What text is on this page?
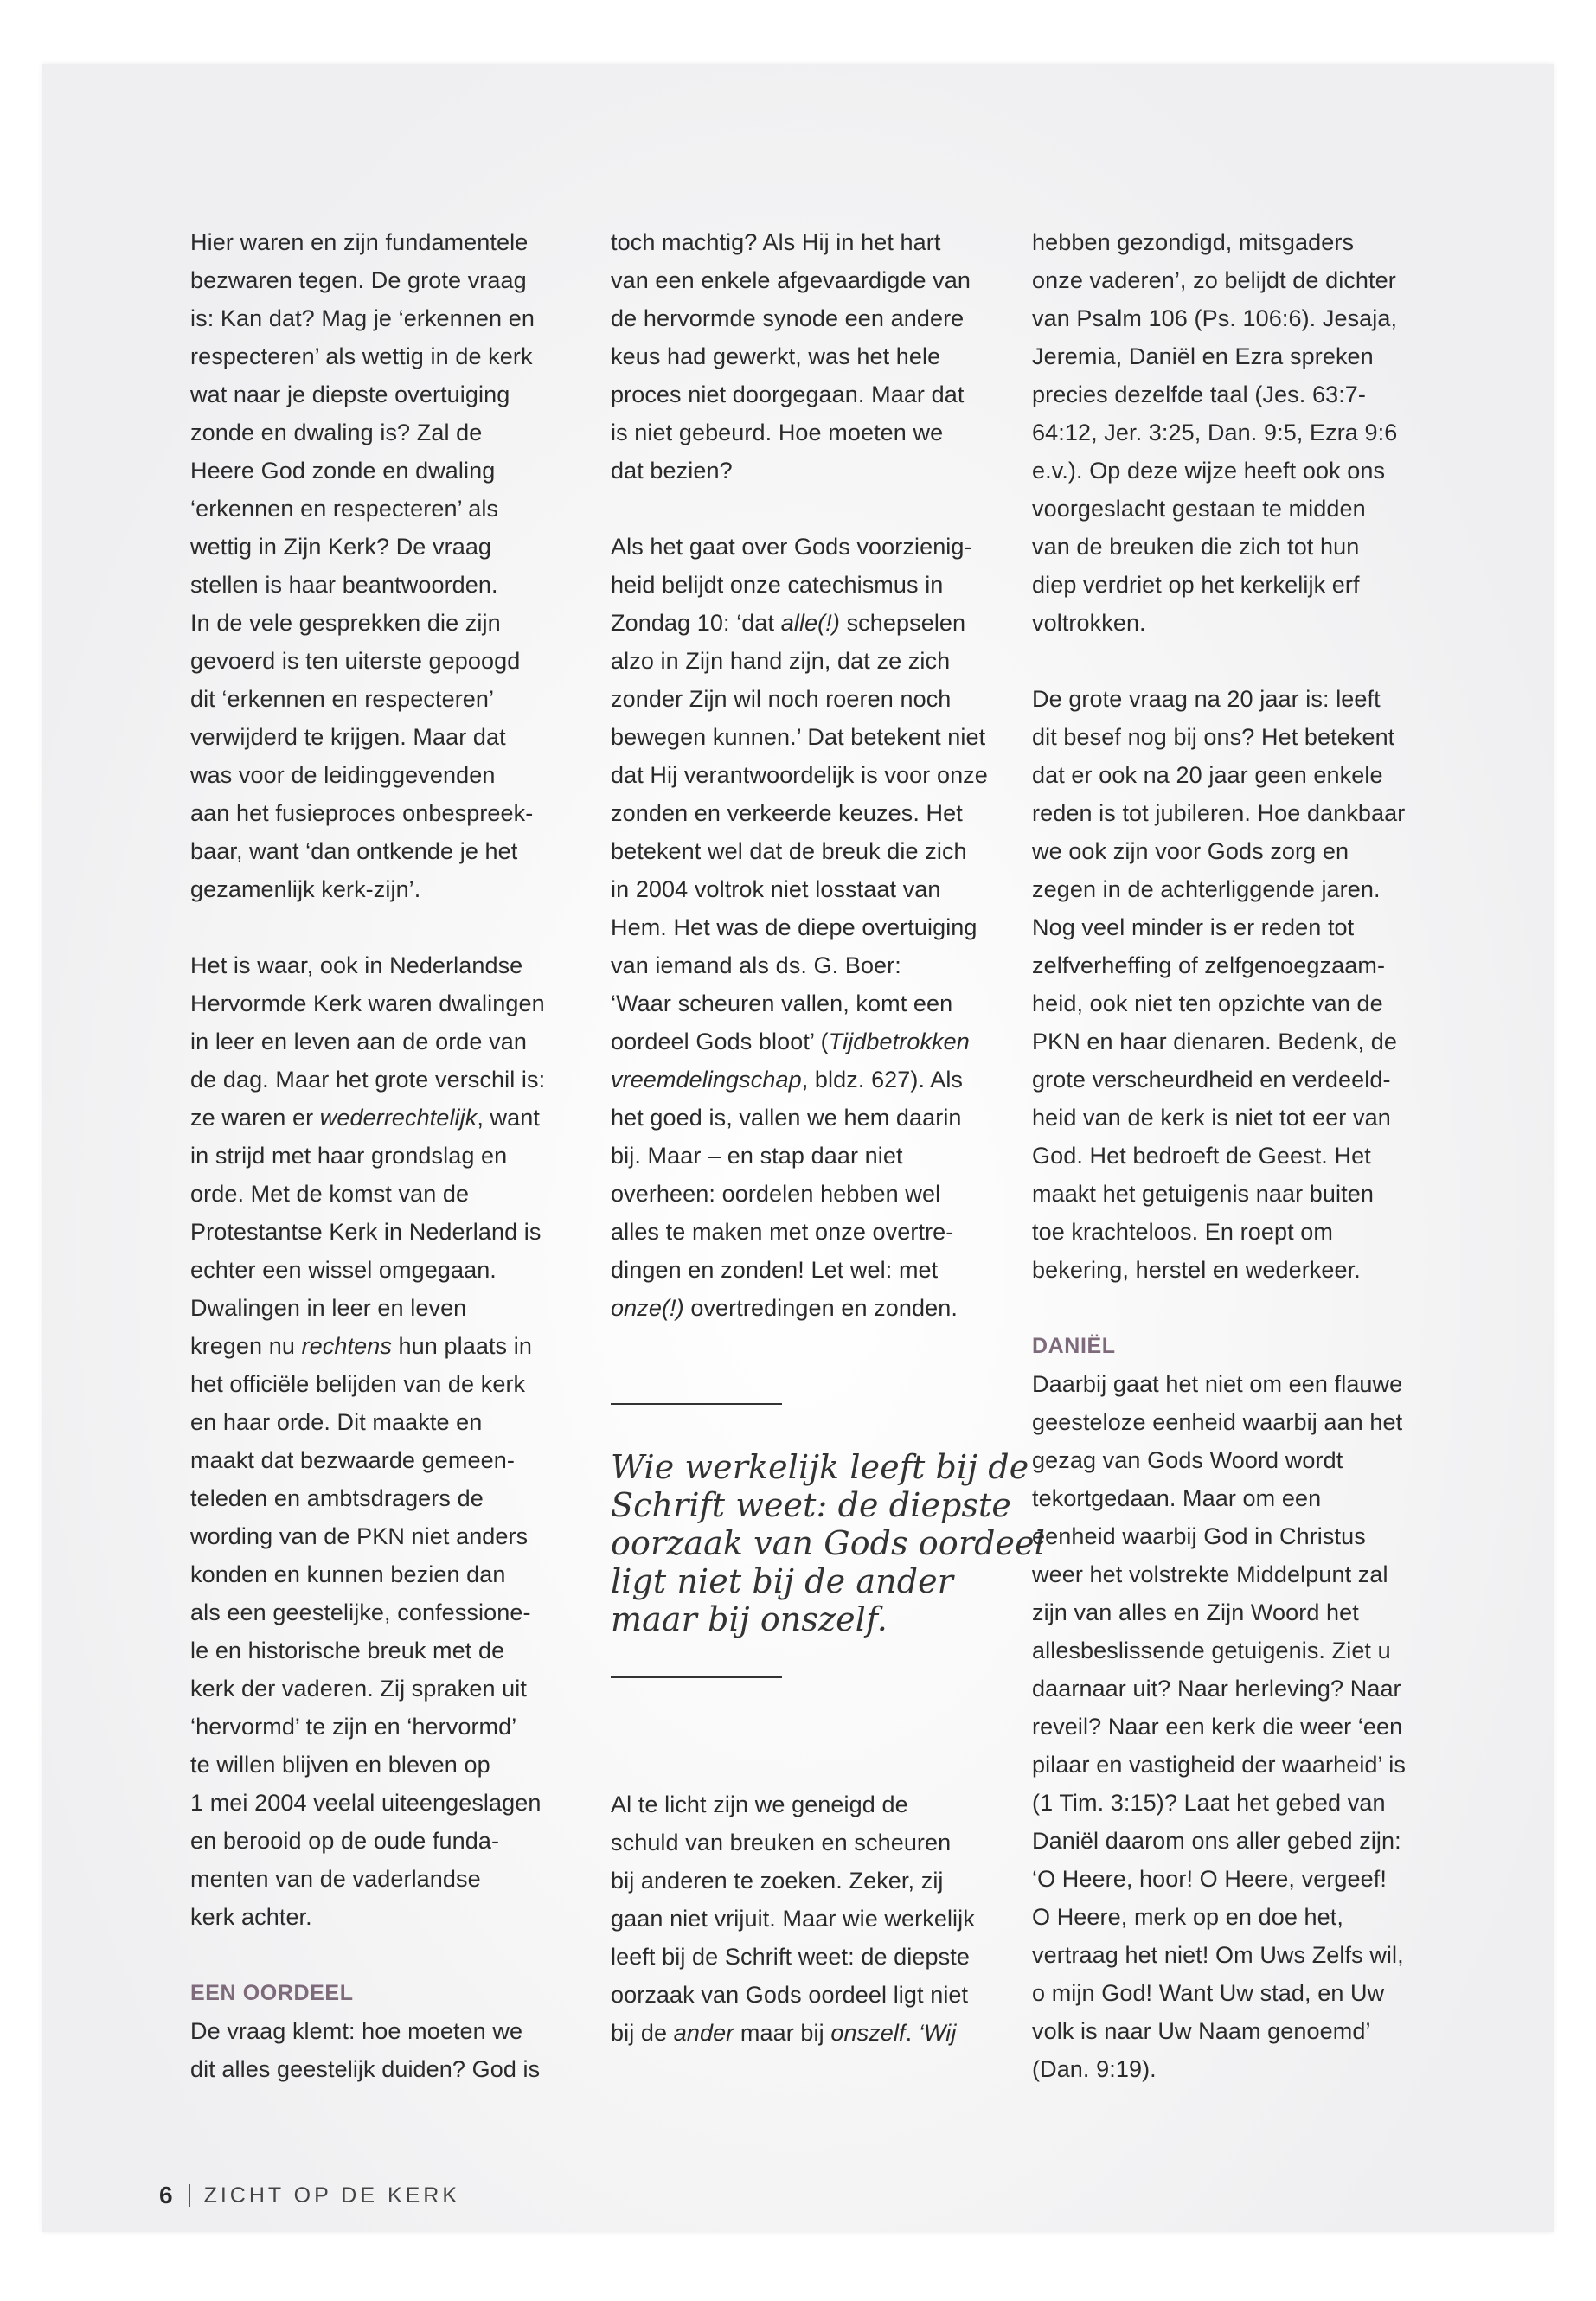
Hier waren en zijn fundamentele
bezwaren tegen. De grote vraag
is: Kan dat? Mag je ‘erkennen en
respecteren’ als wettig in de kerk
wat naar je diepste overtuiging
zonde en dwaling is? Zal de
Heere God zonde en dwaling
‘erkennen en respecteren’ als
wettig in Zijn Kerk? De vraag
stellen is haar beantwoorden.
In de vele gesprekken die zijn
gevoerd is ten uiterste gepoogd
dit ‘erkennen en respecteren’
verwijderd te krijgen. Maar dat
was voor de leidinggevenden
aan het fusieproces onbespreek-
baar, want ‘dan ontkende je het
gezamenlijk kerk-zijn’.

Het is waar, ook in Nederlandse
Hervormde Kerk waren dwalingen
in leer en leven aan de orde van
de dag. Maar het grote verschil is:
ze waren er wederrechtelijk, want
in strijd met haar grondslag en
orde. Met de komst van de
Protestantse Kerk in Nederland is
echter een wissel omgegaan.
Dwalingen in leer en leven
kregen nu rechtens hun plaats in
het officiële belijden van de kerk
en haar orde. Dit maakte en
maakt dat bezwaarde gemeen-
teleden en ambtsdragers de
wording van de PKN niet anders
konden en kunnen bezien dan
als een geestelijke, confessione-
le en historische breuk met de
kerk der vaderen. Zij spraken uit
‘hervormd’ te zijn en ‘hervormd’
te willen blijven en bleven op
1 mei 2004 veelal uiteengeslagen
en berooid op de oude funda-
menten van de vaderlandse
kerk achter.

EEN OORDEEL
De vraag klemt: hoe moeten we
dit alles geestelijk duiden? God is

toch machtig? Als Hij in het hart
van een enkele afgevaardigde van
de hervormde synode een andere
keus had gewerkt, was het hele
proces niet doorgegaan. Maar dat
is niet gebeurd. Hoe moeten we
dat bezien?

Als het gaat over Gods voorzienig-
heid belijdt onze catechismus in
Zondag 10: ‘dat alle(!) schepselen
alzo in Zijn hand zijn, dat ze zich
zonder Zijn wil noch roeren noch
bewegen kunnen.’ Dat betekent niet
dat Hij verantwoordelijk is voor onze
zonden en verkeerde keuzes. Het
betekent wel dat de breuk die zich
in 2004 voltrok niet losstaat van
Hem. Het was de diepe overtuiging
van iemand als ds. G. Boer:
‘Waar scheuren vallen, komt een
oordeel Gods bloot’ (Tijdbetrokken
vreemdelingschap, bldz. 627). Als
het goed is, vallen we hem daarin
bij. Maar – en stap daar niet
overheen: oordelen hebben wel
alles te maken met onze overtre-
dingen en zonden! Let wel: met
onze(!) overtredingen en zonden.

Wie werkelijk leeft bij de
Schrift weet: de diepste
oorzaak van Gods oordeel
ligt niet bij de ander
maar bij onszelf.

Al te licht zijn we geneigd de
schuld van breuken en scheuren
bij anderen te zoeken. Zeker, zij
gaan niet vrijuit. Maar wie werkelijk
leeft bij de Schrift weet: de diepste
oorzaak van Gods oordeel ligt niet
bij de ander maar bij onszelf. ‘Wij

hebben gezondigd, mitsgaders
onze vaderen’, zo belijdt de dichter
van Psalm 106 (Ps. 106:6). Jesaja,
Jeremia, Daniël en Ezra spreken
precies dezelfde taal (Jes. 63:7-
64:12, Jer. 3:25, Dan. 9:5, Ezra 9:6
e.v.). Op deze wijze heeft ook ons
voorgeslacht gestaan te midden
van de breuken die zich tot hun
diep verdriet op het kerkelijk erf
voltrokken.

De grote vraag na 20 jaar is: leeft
dit besef nog bij ons? Het betekent
dat er ook na 20 jaar geen enkele
reden is tot jubileren. Hoe dankbaar
we ook zijn voor Gods zorg en
zegen in de achterliggende jaren.
Nog veel minder is er reden tot
zelfverheffing of zelfgenoegzaam-
heid, ook niet ten opzichte van de
PKN en haar dienaren. Bedenk, de
grote verscheurdheid en verdeeld-
heid van de kerk is niet tot eer van
God. Het bedroeft de Geest. Het
maakt het getuigenis naar buiten
toe krachteloos. En roept om
bekering, herstel en wederkeer.

DANIËL
Daarbij gaat het niet om een flauwe
geesteloze eenheid waarbij aan het
gezag van Gods Woord wordt
tekortgedaan. Maar om een
eenheid waarbij God in Christus
weer het volstrekte Middelpunt zal
zijn van alles en Zijn Woord het
allesbeslissende getuigenis. Ziet u
daarnaar uit? Naar herleving? Naar
reveil? Naar een kerk die weer ‘een
pilaar en vastigheid der waarheid’ is
(1 Tim. 3:15)? Laat het gebed van
Daniël daarom ons aller gebed zijn:
‘O Heere, hoor! O Heere, vergeef!
O Heere, merk op en doe het,
vertraag het niet! Om Uws Zelfs wil,
o mijn God! Want Uw stad, en Uw
volk is naar Uw Naam genoemd’
(Dan. 9:19).

6 ZICHT OP DE KERK
